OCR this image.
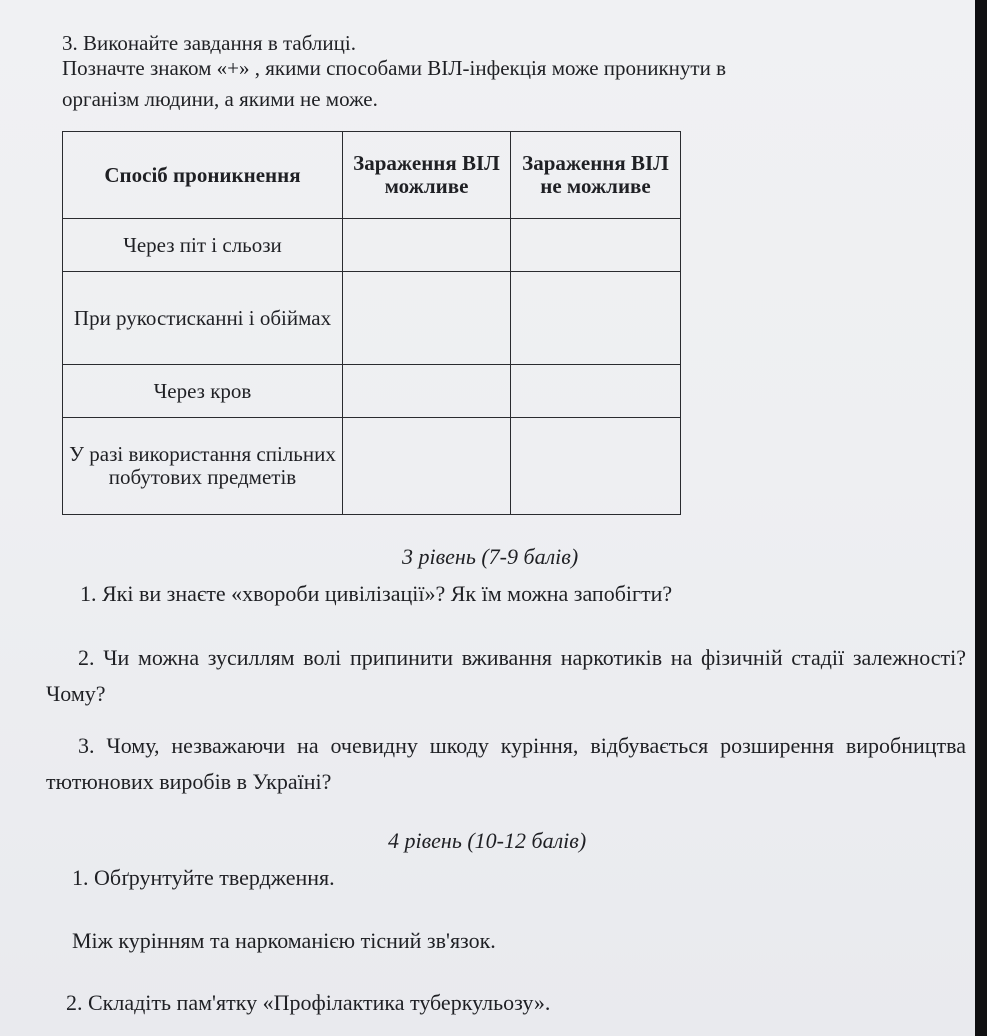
3. Виконайте завдання в таблиці.
Позначте знаком «+» , якими способами ВІЛ-інфекція може проникнути в
організм людини, а якими не може.
Спосіб проникнення	Зараження ВІЛ можливе	Зараження ВІЛ не можливе
Через піт і сльози		
При рукостисканні і обіймах		
Через кров		
У разі використання спільних побутових предметів		
3 рівень (7-9 балів)
1. Які ви знаєте «хвороби цивілізації»? Як їм можна запобігти?
2. Чи можна зусиллям волі припинити вживання наркотиків на фізичній стадії залежності? Чому?
3. Чому, незважаючи на очевидну шкоду куріння, відбувається розширення виробництва тютюнових виробів в Україні?
4 рівень (10-12 балів)
1. Обґрунтуйте твердження.
Між курінням та наркоманією тісний зв'язок.
2. Складіть пам'ятку «Профілактика туберкульозу».
